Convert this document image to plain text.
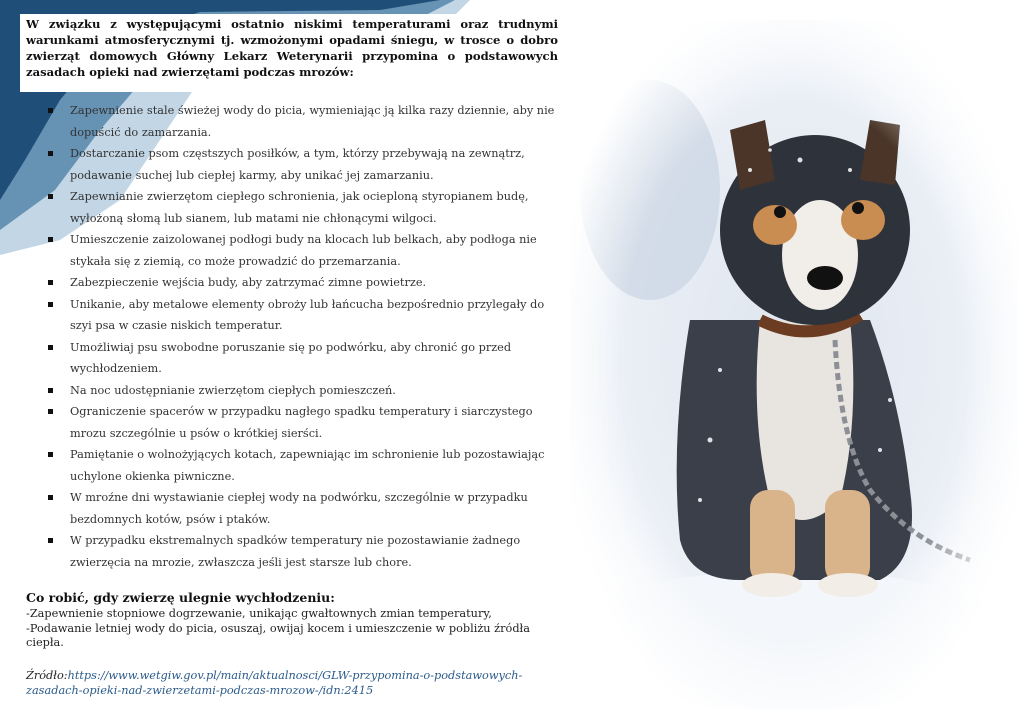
W związku z występującymi ostatnio niskimi temperaturami oraz trudnymi warunkami atmosferycznymi tj. wzmożonymi opadami śniegu, w trosce o dobro zwierząt domowych Główny Lekarz Weterynarii przypomina o podstawowych zasadach opieki nad zwierzętami podczas mrozów:
Zapewnienie stale świeżej wody do picia, wymieniając ją kilka razy dziennie, aby nie dopuścić do zamarzania.
Dostarczanie psom częstszych posiłków, a tym, którzy przebywają na zewnątrz, podawanie suchej lub ciepłej karmy, aby unikać jej zamarzaniu.
Zapewnianie zwierzętom ciepłego schronienia, jak ocieploną styropianem budę, wyłożoną słomą lub sianem, lub matami nie chłonącymi wilgoci.
Umieszczenie zaizolowanej podłogi budy na klocach lub belkach, aby podłoga nie stykała się z ziemią, co może prowadzić do przemarzania.
Zabezpieczenie wejścia budy, aby zatrzymać zimne powietrze.
Unikanie, aby metalowe elementy obroży lub łańcucha bezpośrednio przylegały do szyi psa w czasie niskich temperatur.
Umożliwiaj psu swobodne poruszanie się po podwórku, aby chronić go przed wychłodzeniem.
Na noc udostępnianie zwierzętom ciepłych pomieszczeń.
Ograniczenie spacerów w przypadku nagłego spadku temperatury i siarczystego mrozu szczególnie u psów o krótkiej sierści.
Pamiętanie o wolnożyjących kotach, zapewniając im schronienie lub pozostawiając uchylone okienka piwniczne.
W mroźne dni wystawianie ciepłej wody na podwórku, szczególnie w przypadku bezdomnych kotów, psów i ptaków.
W przypadku ekstremalnych spadków temperatury nie pozostawianie żadnego zwierzęcia na mrozie, zwłaszcza jeśli jest starsze lub chore.
Co robić, gdy zwierzę ulegnie wychłodzeniu:
-Zapewnienie stopniowe dogrzewanie, unikając gwałtownych zmian temperatury,
-Podawanie letniej wody do picia, osuszaj, owijaj kocem i umieszczenie w pobliżu źródła ciepła.
Źródło:https://www.wetgiw.gov.pl/main/aktualnosci/GLW-przypomina-o-podstawowych-zasadach-opieki-nad-zwierzetami-podczas-mrozow-/idn:2415
